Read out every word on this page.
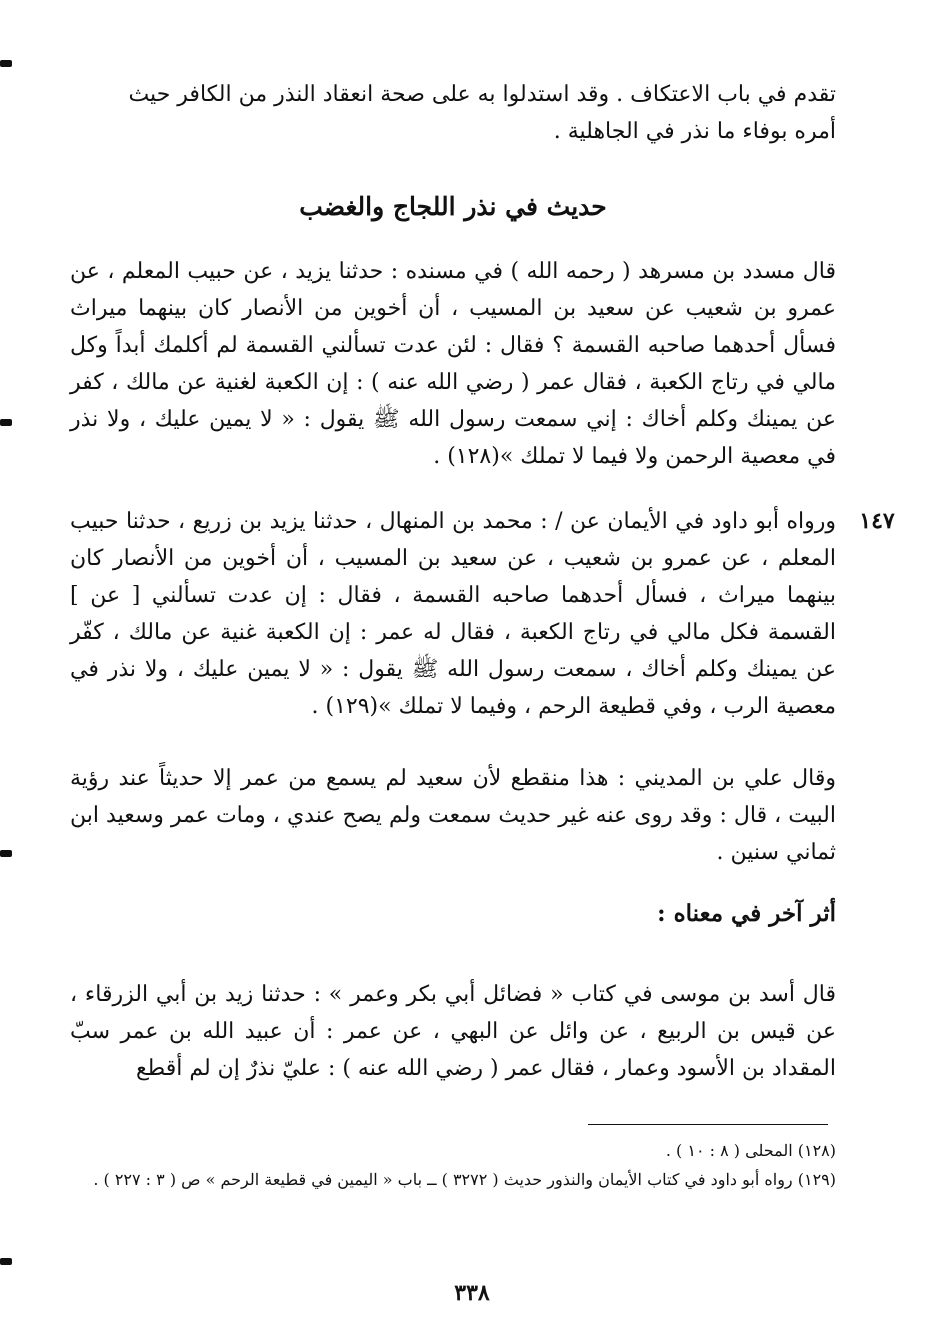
تقدم في باب الاعتكاف . وقد استدلوا به على صحة انعقاد النذر من الكافر حيث

أمره بوفاء ما نذر في الجاهلية .

حديث في نذر اللجاج والغضب

قال مسدد بن مسرهد ( رحمه الله ) في مسنده : حدثنا يزيد ، عن حبيب المعلم ، عن عمرو بن شعيب عن سعيد بن المسيب ، أن أخوين من الأنصار كان بينهما ميراث فسأل أحدهما صاحبه القسمة ؟ فقال : لئن عدت تسألني القسمة لم أكلمك أبداً وكل مالي في رتاج الكعبة ، فقال عمر ( رضي الله عنه ) : إن الكعبة لغنية عن مالك ، كفر عن يمينك وكلم أخاك : إني سمعت رسول الله ﷺ يقول : « لا يمين عليك ، ولا نذر في معصية الرحمن ولا فيما لا تملك »(١٢٨) .

١٤٧

ورواه أبو داود في الأيمان عن / : محمد بن المنهال ، حدثنا يزيد بن زريع ، حدثنا حبيب المعلم ، عن عمرو بن شعيب ، عن سعيد بن المسيب ، أن أخوين من الأنصار كان بينهما ميراث ، فسأل أحدهما صاحبه القسمة ، فقال : إن عدت تسألني [ عن ] القسمة فكل مالي في رتاج الكعبة ، فقال له عمر : إن الكعبة غنية عن مالك ، كفّر عن يمينك وكلم أخاك ، سمعت رسول الله ﷺ يقول : « لا يمين عليك ، ولا نذر في معصية الرب ، وفي قطيعة الرحم ، وفيما لا تملك »(١٢٩) .

وقال علي بن المديني : هذا منقطع لأن سعيد لم يسمع من عمر إلا حديثاً عند رؤية البيت ، قال : وقد روى عنه غير حديث سمعت ولم يصح عندي ، ومات عمر وسعيد ابن ثماني سنين .

أثر آخر في معناه :

قال أسد بن موسى في كتاب « فضائل أبي بكر وعمر » : حدثنا زيد بن أبي الزرقاء ، عن قيس بن الربيع ، عن وائل عن البهي ، عن عمر : أن عبيد الله بن عمر سبّ المقداد بن الأسود وعمار ، فقال عمر ( رضي الله عنه ) : عليّ نذرٌ إن لم أقطع

(١٢٨) المحلى ( ٨ : ١٠ ) .

(١٢٩) رواه أبو داود في كتاب الأيمان والنذور حديث ( ٣٢٧٢ ) ــ باب « اليمين في قطيعة الرحم » ص ( ٣ : ٢٢٧ ) .

٣٣٨
